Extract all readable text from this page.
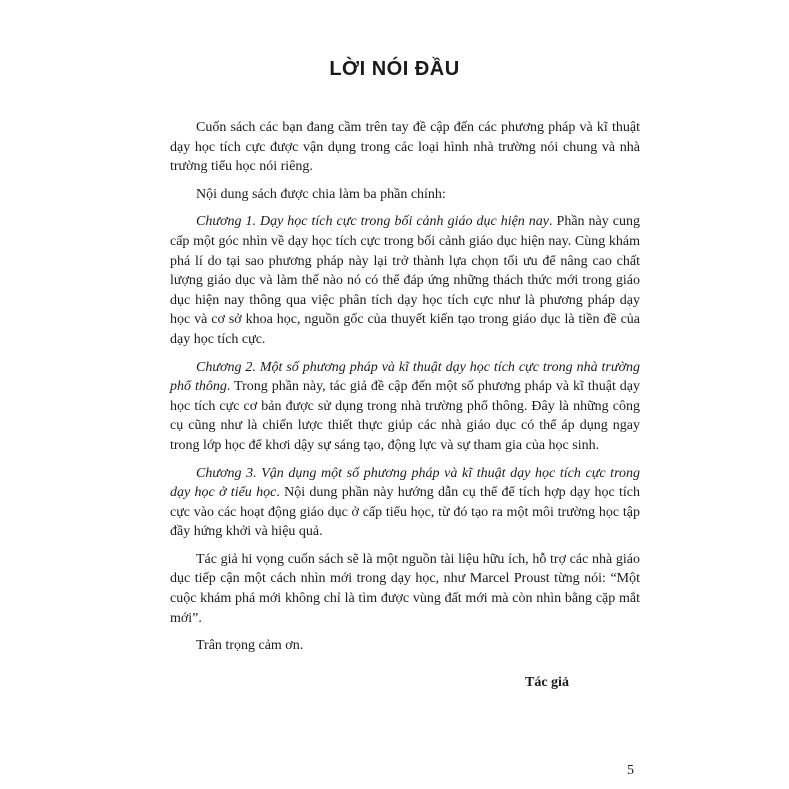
LỜI NÓI ĐẦU

Cuốn sách các bạn đang cầm trên tay đề cập đến các phương pháp và kĩ thuật dạy học tích cực được vận dụng trong các loại hình nhà trường nói chung và nhà trường tiểu học nói riêng.

Nội dung sách được chia làm ba phần chính:

Chương 1. Dạy học tích cực trong bối cảnh giáo dục hiện nay. Phần này cung cấp một góc nhìn về dạy học tích cực trong bối cảnh giáo dục hiện nay. Cùng khám phá lí do tại sao phương pháp này lại trở thành lựa chọn tối ưu để nâng cao chất lượng giáo dục và làm thế nào nó có thể đáp ứng những thách thức mới trong giáo dục hiện nay thông qua việc phân tích dạy học tích cực như là phương pháp dạy học và cơ sở khoa học, nguồn gốc của thuyết kiến tạo trong giáo dục là tiền đề của dạy học tích cực.

Chương 2. Một số phương pháp và kĩ thuật dạy học tích cực trong nhà trường phổ thông. Trong phần này, tác giả đề cập đến một số phương pháp và kĩ thuật dạy học tích cực cơ bản được sử dụng trong nhà trường phổ thông. Đây là những công cụ cũng như là chiến lược thiết thực giúp các nhà giáo dục có thể áp dụng ngay trong lớp học để khơi dậy sự sáng tạo, động lực và sự tham gia của học sinh.

Chương 3. Vận dụng một số phương pháp và kĩ thuật dạy học tích cực trong dạy học ở tiểu học. Nội dung phần này hướng dẫn cụ thể để tích hợp dạy học tích cực vào các hoạt động giáo dục ở cấp tiểu học, từ đó tạo ra một môi trường học tập đầy hứng khởi và hiệu quả.

Tác giả hi vọng cuốn sách sẽ là một nguồn tài liệu hữu ích, hỗ trợ các nhà giáo dục tiếp cận một cách nhìn mới trong dạy học, như Marcel Proust từng nói: “Một cuộc khám phá mới không chỉ là tìm được vùng đất mới mà còn nhìn bằng cặp mắt mới”.

Trân trọng cảm ơn.

Tác giả
5
